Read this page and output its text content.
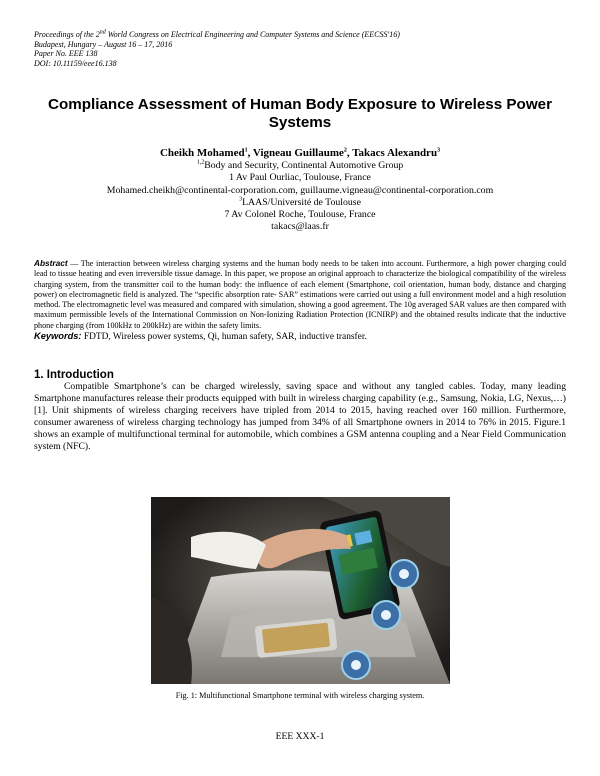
Proceedings of the 2nd World Congress on Electrical Engineering and Computer Systems and Science (EECSS'16)
Budapest, Hungary – August 16 – 17, 2016
Paper No. EEE 138
DOI: 10.11159/eee16.138
Compliance Assessment of Human Body Exposure to Wireless Power Systems
Cheikh Mohamed$^1$, Vigneau Guillaume$^2$, Takacs Alexandru$^3$
$^{1,2}$Body and Security, Continental Automotive Group
1 Av Paul Ourliac, Toulouse, France
Mohamed.cheikh@continental-corporation.com, guillaume.vigneau@continental-corporation.com
$^3$LAAS/Université de Toulouse
7 Av Colonel Roche, Toulouse, France
takacs@laas.fr
Abstract — The interaction between wireless charging systems and the human body needs to be taken into account. Furthermore, a high power charging could lead to tissue heating and even irreversible tissue damage. In this paper, we propose an original approach to characterize the biological compatibility of the wireless charging system, from the transmitter coil to the human body: the influence of each element (Smartphone, coil orientation, human body, distance and charging power) on electromagnetic field is analyzed. The “specific absorption rate- SAR” estimations were carried out using a full environment model and a high resolution method. The electromagnetic level was measured and compared with simulation, showing a good agreement. The 10g averaged SAR values are then compared with maximum permissible levels of the International Commission on Non-Ionizing Radiation Protection (ICNIRP) and the obtained results indicate that the inductive phone charging (from 100kHz to 200kHz) are within the safety limits.
Keywords: FDTD, Wireless power systems, Qi, human safety, SAR, inductive transfer.
1. Introduction
Compatible Smartphone’s can be charged wirelessly, saving space and without any tangled cables. Today, many leading Smartphone manufactures release their products equipped with built in wireless charging capability (e.g., Samsung, Nokia, LG, Nexus,…) [1]. Unit shipments of wireless charging receivers have tripled from 2014 to 2015, having reached over 160 million. Furthermore, consumer awareness of wireless charging technology has jumped from 34% of all Smartphone owners in 2014 to 76% in 2015. Figure.1 shows an example of multifunctional terminal for automobile, which combines a GSM antenna coupling and a Near Field Communication system (NFC).
Fig. 1: Multifunctional Smartphone terminal with wireless charging system.
EEE XXX-1
